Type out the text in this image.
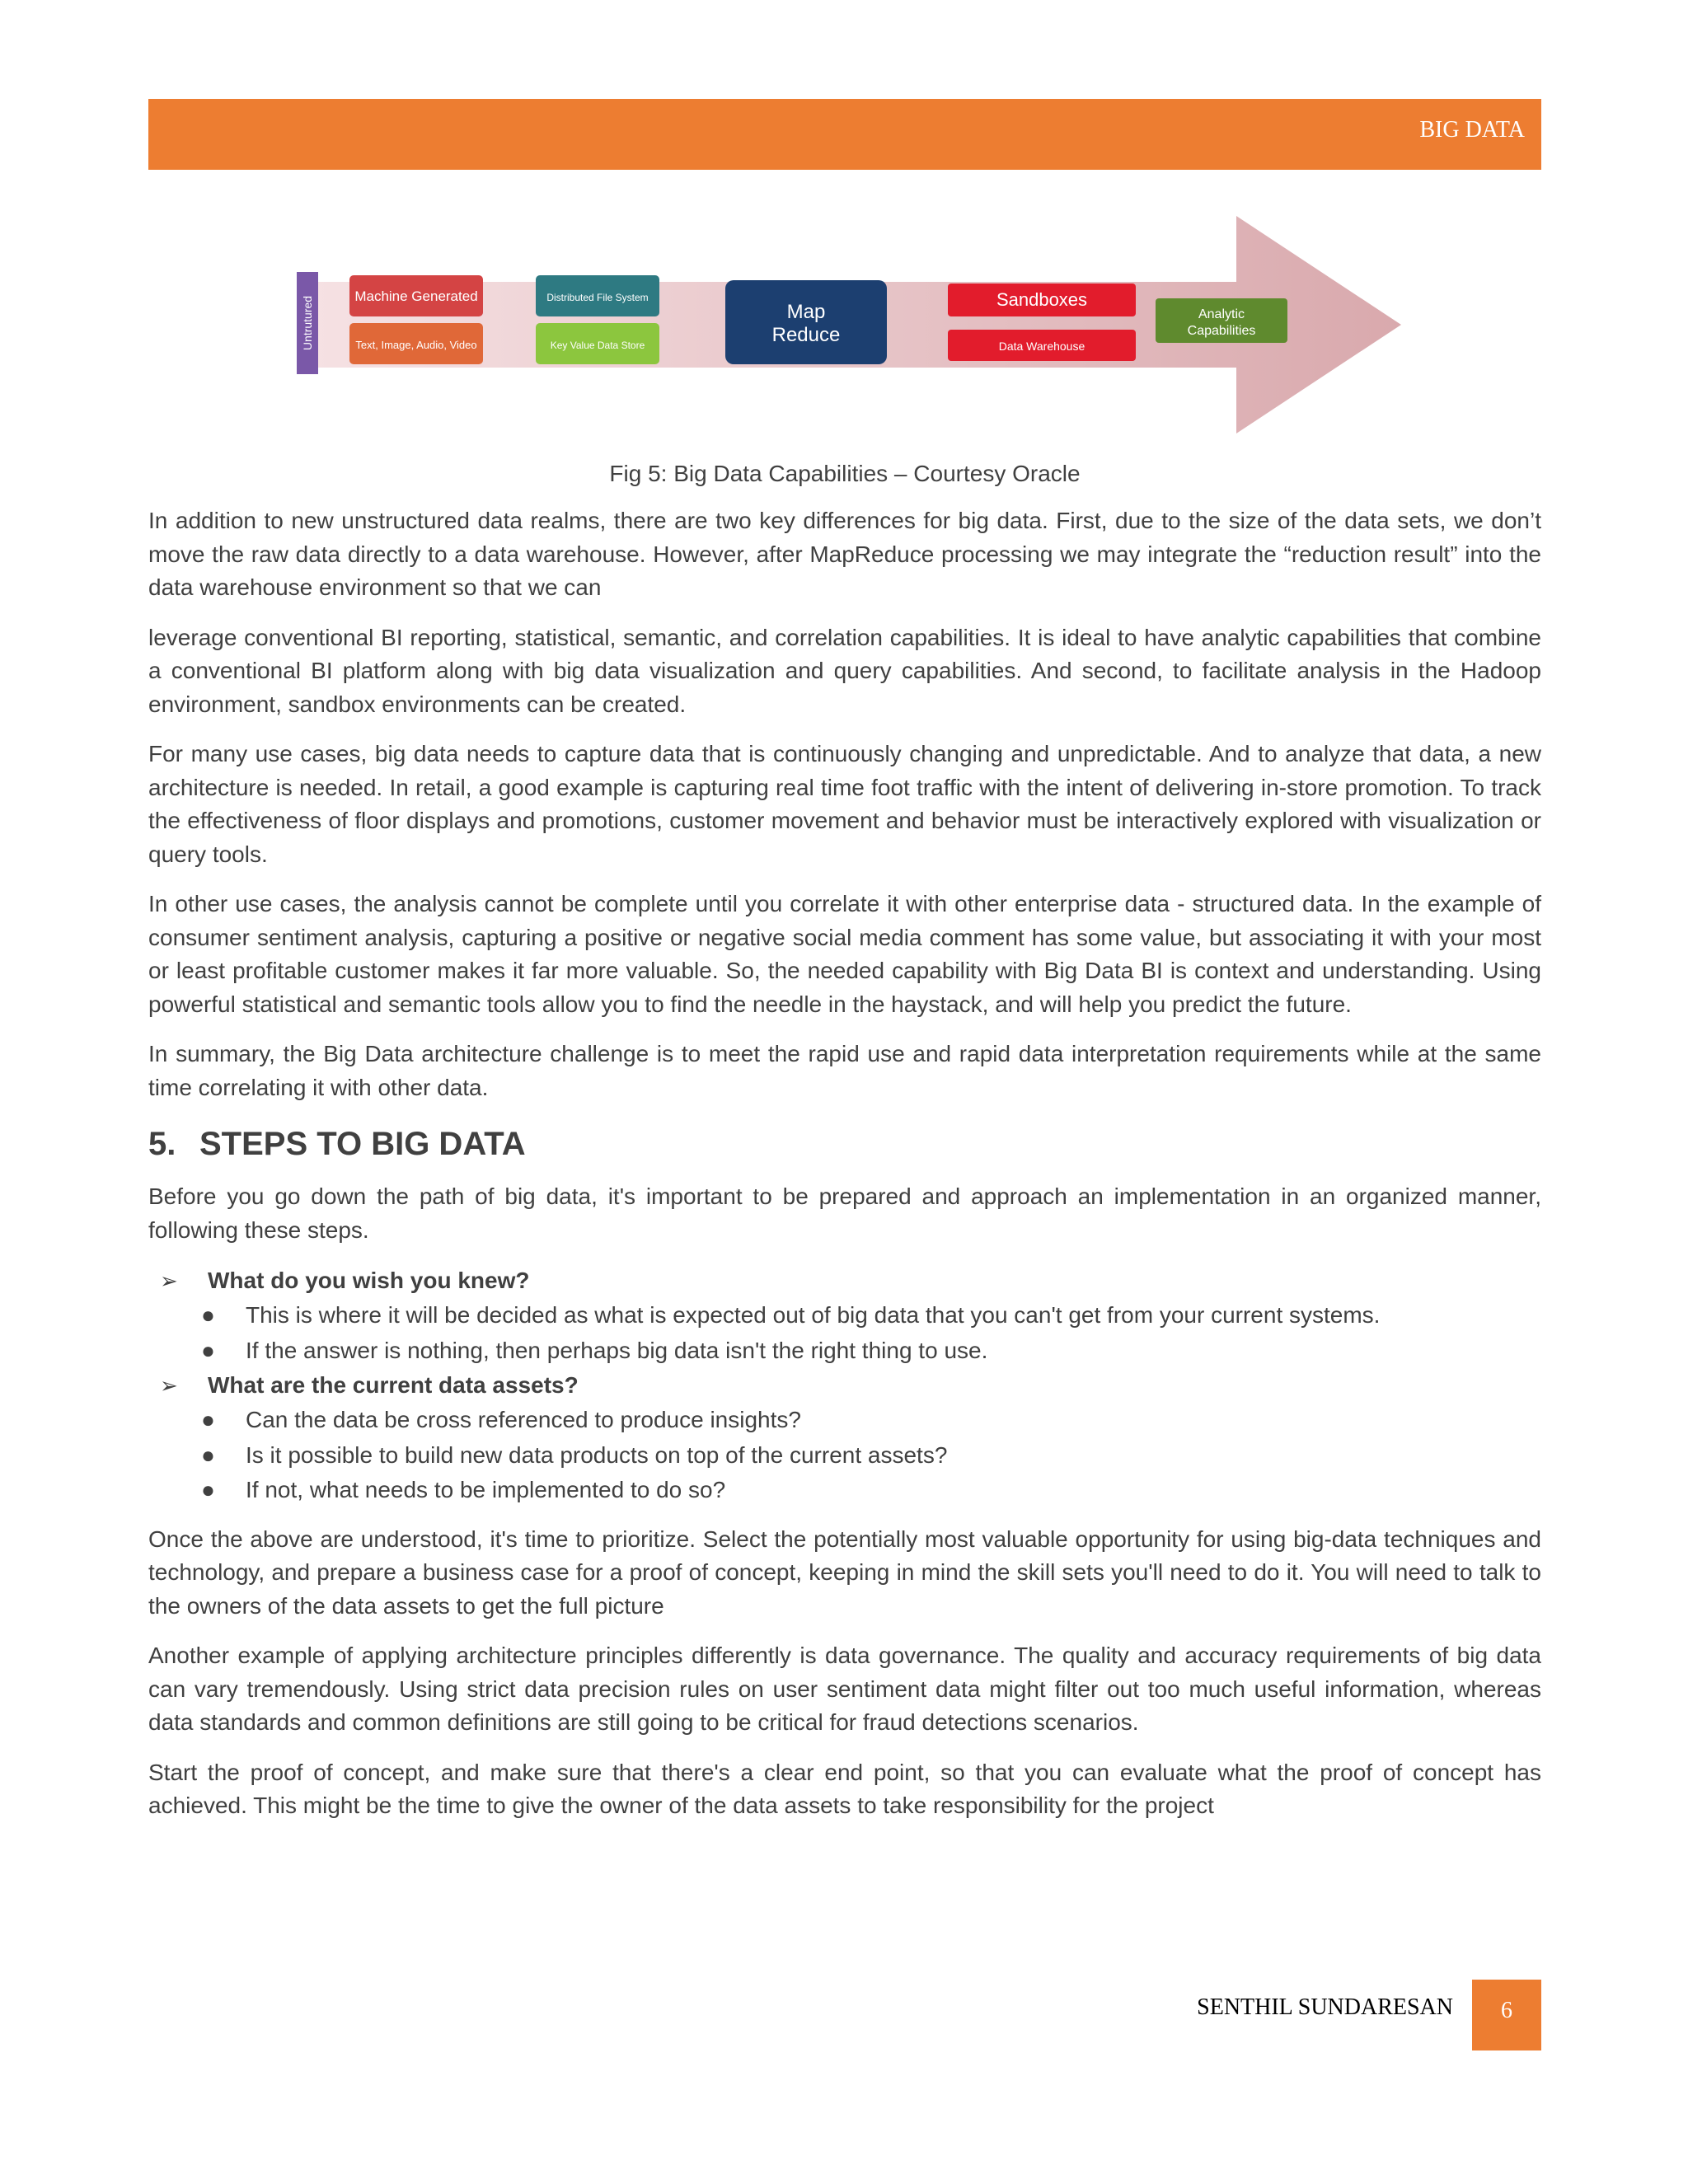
BIG DATA
Untrutured	Machine Generated
Text, Image, Audio, Video
Distributed File System
Key Value Data Store
Map
Reduce
Sandboxes
Data Warehouse
Analytic
Capabilities
Fig 5: Big Data Capabilities – Courtesy Oracle

In addition to new unstructured data realms, there are two key differences for big data. First, due to the size of the data sets, we don’t move the raw data directly to a data warehouse. However, after MapReduce processing we may integrate the “reduction result” into the data warehouse environment so that we can

leverage conventional BI reporting, statistical, semantic, and correlation capabilities. It is ideal to have analytic capabilities that combine a conventional BI platform along with big data visualization and query capabilities. And second, to facilitate analysis in the Hadoop environment, sandbox environments can be created.

For many use cases, big data needs to capture data that is continuously changing and unpredictable. And to analyze that data, a new architecture is needed. In retail, a good example is capturing real time foot traffic with the intent of delivering in-store promotion. To track the effectiveness of floor displays and promotions, customer movement and behavior must be interactively explored with visualization or query tools.

In other use cases, the analysis cannot be complete until you correlate it with other enterprise data - structured data. In the example of consumer sentiment analysis, capturing a positive or negative social media comment has some value, but associating it with your most or least profitable customer makes it far more valuable. So, the needed capability with Big Data BI is context and understanding. Using powerful statistical and semantic tools allow you to find the needle in the haystack, and will help you predict the future.

In summary, the Big Data architecture challenge is to meet the rapid use and rapid data interpretation requirements while at the same time correlating it with other data.

5. STEPS TO BIG DATA

Before you go down the path of big data, it's important to be prepared and approach an implementation in an organized manner, following these steps.

➢ What do you wish you knew?
● This is where it will be decided as what is expected out of big data that you can't get from your current systems.
● If the answer is nothing, then perhaps big data isn't the right thing to use.
➢ What are the current data assets?
● Can the data be cross referenced to produce insights?
● Is it possible to build new data products on top of the current assets?
● If not, what needs to be implemented to do so?

Once the above are understood, it's time to prioritize. Select the potentially most valuable opportunity for using big-data techniques and technology, and prepare a business case for a proof of concept, keeping in mind the skill sets you'll need to do it. You will need to talk to the owners of the data assets to get the full picture

Another example of applying architecture principles differently is data governance. The quality and accuracy requirements of big data can vary tremendously. Using strict data precision rules on user sentiment data might filter out too much useful information, whereas data standards and common definitions are still going to be critical for fraud detections scenarios.

Start the proof of concept, and make sure that there's a clear end point, so that you can evaluate what the proof of concept has achieved. This might be the time to give the owner of the data assets to take responsibility for the project

SENTHIL SUNDARESAN	6
